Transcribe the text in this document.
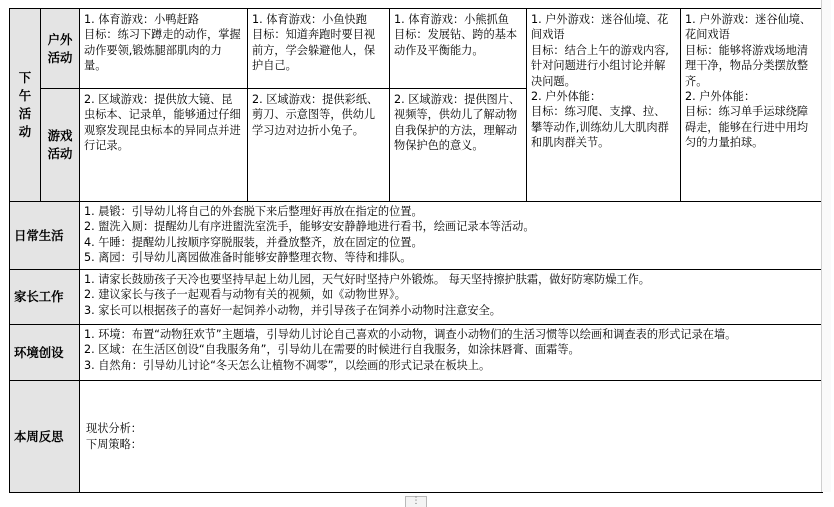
下
午
活
动	户外
活动	1. 体育游戏：小鸭赶路
目标：练习下蹲走的动作，掌握动作要领,锻炼腿部肌肉的力量。	1. 体育游戏：小鱼快跑
目标：知道奔跑时要目视前方，学会躲避他人，保护自己。	1. 体育游戏：小熊抓鱼
目标：发展钻、跨的基本动作及平衡能力。	1. 户外游戏：迷谷仙境、花间戏语
目标：结合上午的游戏内容,针对问题进行小组讨论并解决问题。
2. 户外体能：
目标：练习爬、支撑、拉、攀等动作,训练幼儿大肌肉群和肌肉群关节。	1. 户外游戏：迷谷仙境、花间戏语
目标：能够将游戏场地清理干净，物品分类摆放整齐。
2. 户外体能：
目标：练习单手运球绕障碍走，能够在行进中用均匀的力量拍球。

	游戏
活动	2. 区域游戏：提供放大镜、昆虫标本、记录单，能够通过仔细观察发现昆虫标本的异同点并进行记录。	2. 区域游戏：提供彩纸、剪刀、示意图等，供幼儿学习边对边折小兔子。	2. 区域游戏：提供图片、视频等，供幼儿了解动物自我保护的方法，理解动物保护色的意义。		

日常生活		1. 晨锻：引导幼儿将自己的外套脱下来后整理好再放在指定的位置。
2. 盥洗入厕：提醒幼儿有序进盥洗室洗手，能够安安静静地进行看书，绘画记录本等活动。
4. 午睡：提醒幼儿按顺序穿脱服装，并叠放整齐，放在固定的位置。
5. 离园：引导幼儿离园做准备时能够安静整理衣物、等待和排队。				

家长工作		1. 请家长鼓励孩子天冷也要坚持早起上幼儿园，天气好时坚持户外锻炼。 每天坚持擦护肤霜，做好防寒防燥工作。
2. 建议家长与孩子一起观看与动物有关的视频，如《动物世界》。
3. 家长可以根据孩子的喜好一起饲养小动物，并引导孩子在饲养小动物时注意安全。				

环境创设		1. 环境：布置“动物狂欢节”主题墙，引导幼儿讨论自己喜欢的小动物，调查小动物们的生活习惯等以绘画和调查表的形式记录在墙。
2. 区域：在生活区创设“自我服务角”，引导幼儿在需要的时候进行自我服务，如涂抹唇膏、面霜等。
3. 自然角：引导幼儿讨论“冬天怎么让植物不凋零”，以绘画的形式记录在板块上。				

本周反思		现状分析：
下周策略：				
⋮
